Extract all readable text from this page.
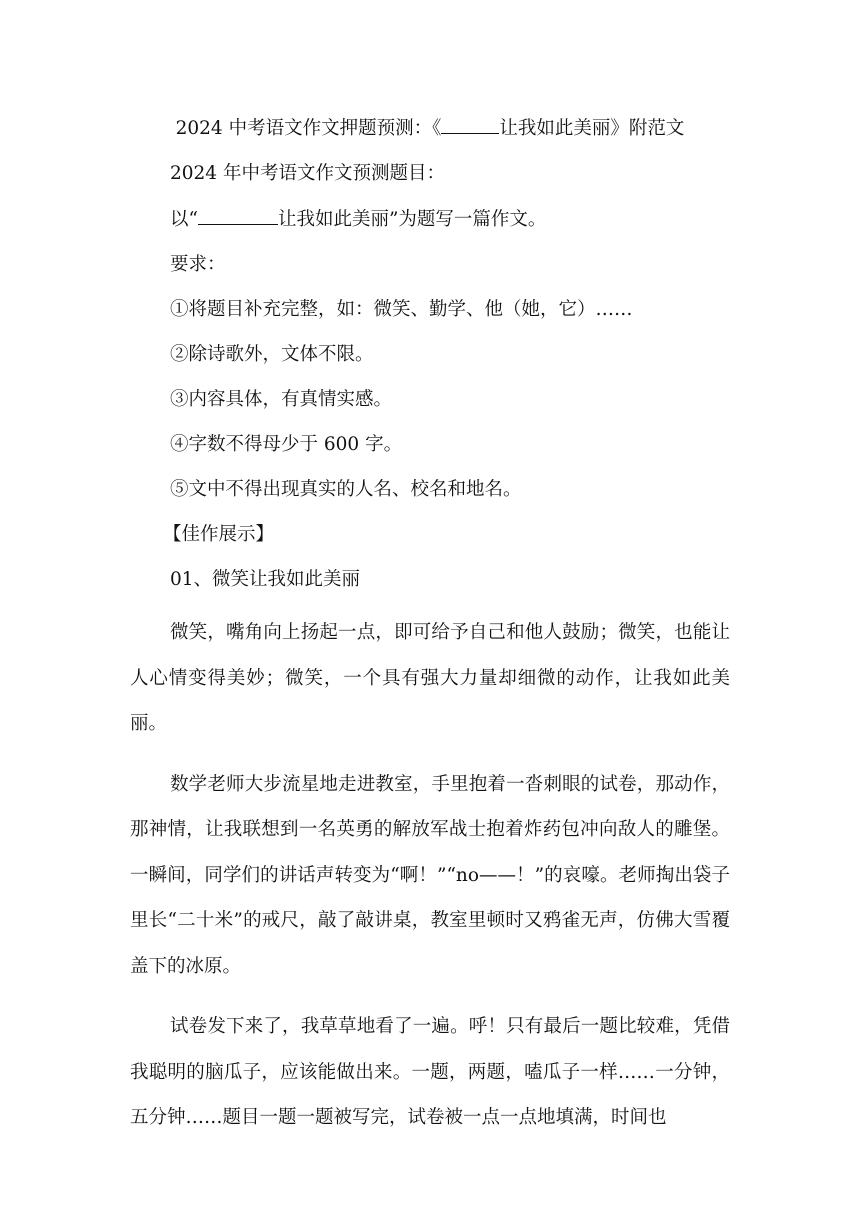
2024 中考语文作文押题预测：《	让我如此美丽》附范文
2024 年中考语文作文预测题目：
以“	让我如此美丽”为题写一篇作文。
要求：
①将题目补充完整，如：微笑、勤学、他（她，它）……
②除诗歌外，文体不限。
③内容具体，有真情实感。
④字数不得母少于 600 字。
⑤文中不得出现真实的人名、校名和地名。
【佳作展示】
01、微笑让我如此美丽
微笑，嘴角向上扬起一点，即可给予自己和他人鼓励；微笑，也能让人心情变得美妙；微笑，一个具有强大力量却细微的动作，让我如此美丽。
数学老师大步流星地走进教室，手里抱着一沓刺眼的试卷，那动作，那神情，让我联想到一名英勇的解放军战士抱着炸药包冲向敌人的雕堡。一瞬间，同学们的讲话声转变为“啊！”“no——！”的哀嚎。老师掏出袋子里长“二十米”的戒尺，敲了敲讲桌，教室里顿时又鸦雀无声，仿佛大雪覆盖下的冰原。
试卷发下来了，我草草地看了一遍。呼！只有最后一题比较难，凭借我聪明的脑瓜子，应该能做出来。一题，两题，嗑瓜子一样……一分钟，五分钟……题目一题一题被写完，试卷被一点一点地填满，时间也
